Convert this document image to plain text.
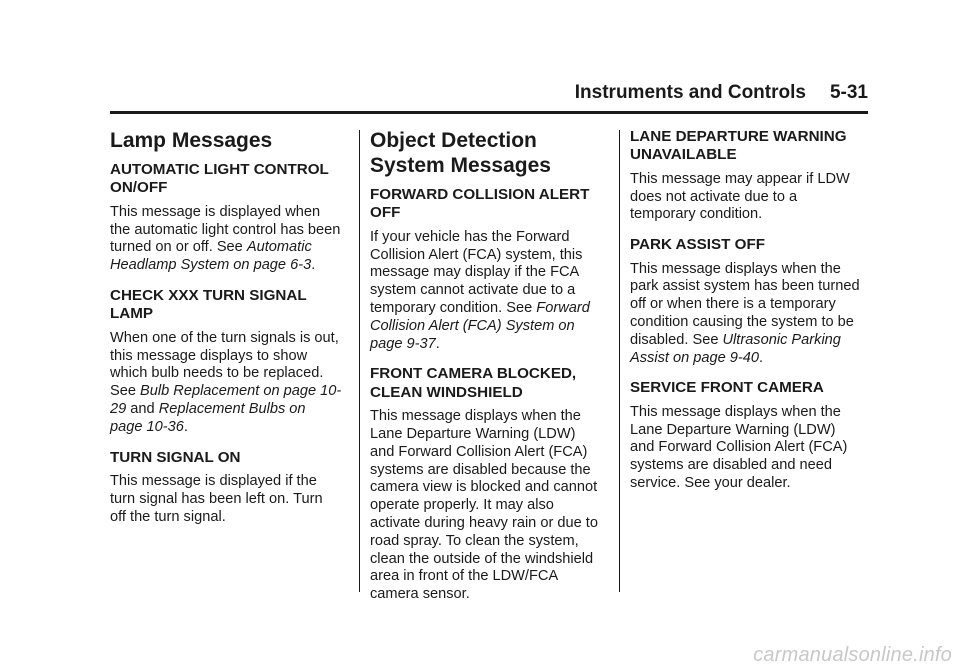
Instruments and Controls 5-31
Lamp Messages
AUTOMATIC LIGHT CONTROL ON/OFF

This message is displayed when the automatic light control has been turned on or off. See Automatic Headlamp System on page 6-3.

CHECK XXX TURN SIGNAL LAMP

When one of the turn signals is out, this message displays to show which bulb needs to be replaced. See Bulb Replacement on page 10-29 and Replacement Bulbs on page 10-36.

TURN SIGNAL ON

This message is displayed if the turn signal has been left on. Turn off the turn signal.

Object Detection System Messages
FORWARD COLLISION ALERT OFF

If your vehicle has the Forward Collision Alert (FCA) system, this message may display if the FCA system cannot activate due to a temporary condition. See Forward Collision Alert (FCA) System on page 9-37.

FRONT CAMERA BLOCKED, CLEAN WINDSHIELD

This message displays when the Lane Departure Warning (LDW) and Forward Collision Alert (FCA) systems are disabled because the camera view is blocked and cannot operate properly. It may also activate during heavy rain or due to road spray. To clean the system, clean the outside of the windshield area in front of the LDW/FCA camera sensor.

LANE DEPARTURE WARNING UNAVAILABLE

This message may appear if LDW does not activate due to a temporary condition.

PARK ASSIST OFF

This message displays when the park assist system has been turned off or when there is a temporary condition causing the system to be disabled. See Ultrasonic Parking Assist on page 9-40.

SERVICE FRONT CAMERA

This message displays when the Lane Departure Warning (LDW) and Forward Collision Alert (FCA) systems are disabled and need service. See your dealer.

carmanualsonline.info
